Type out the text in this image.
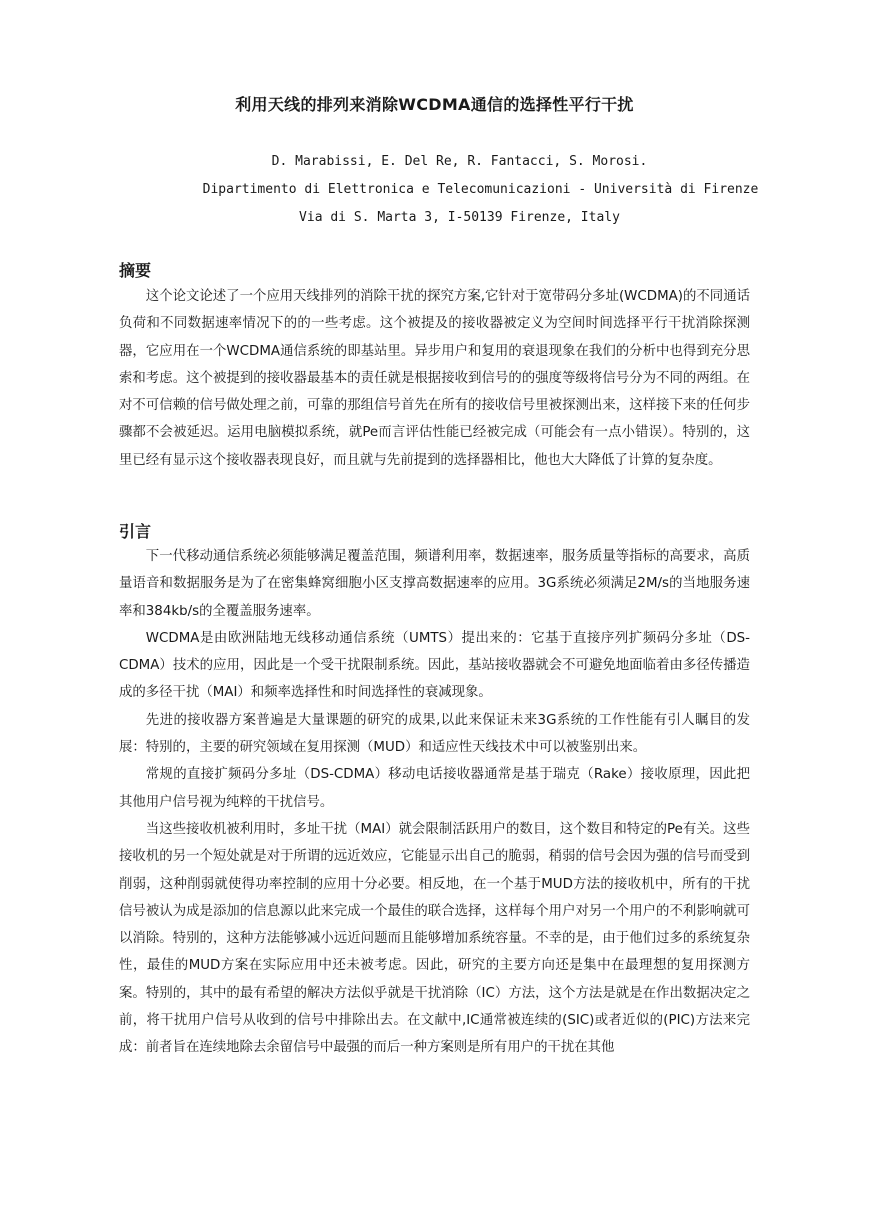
利用天线的排列来消除WCDMA通信的选择性平行干扰
D. Marabissi, E. Del Re, R. Fantacci, S. Morosi.
Dipartimento di Elettronica e Telecomunicazioni - Università di Firenze
Via di S. Marta 3, I-50139 Firenze, Italy
摘要

这个论文论述了一个应用天线排列的消除干扰的探究方案,它针对于宽带码分多址(WCDMA)的不同通话负荷和不同数据速率情况下的的一些考虑。这个被提及的接收器被定义为空间时间选择平行干扰消除探测器，它应用在一个WCDMA通信系统的即基站里。异步用户和复用的衰退现象在我们的分析中也得到充分思索和考虑。这个被提到的接收器最基本的责任就是根据接收到信号的的强度等级将信号分为不同的两组。在对不可信赖的信号做处理之前，可靠的那组信号首先在所有的接收信号里被探测出来，这样接下来的任何步骤都不会被延迟。运用电脑模拟系统，就Pe而言评估性能已经被完成（可能会有一点小错误）。特别的，这里已经有显示这个接收器表现良好，而且就与先前提到的选择器相比，他也大大降低了计算的复杂度。

引言

下一代移动通信系统必须能够满足覆盖范围，频谱利用率，数据速率，服务质量等指标的高要求，高质量语音和数据服务是为了在密集蜂窝细胞小区支撑高数据速率的应用。3G系统必须满足2M/s的当地服务速率和384kb/s的全覆盖服务速率。

WCDMA是由欧洲陆地无线移动通信系统（UMTS）提出来的：它基于直接序列扩频码分多址（DS-CDMA）技术的应用，因此是一个受干扰限制系统。因此，基站接收器就会不可避免地面临着由多径传播造成的多径干扰（MAI）和频率选择性和时间选择性的衰减现象。

先进的接收器方案普遍是大量课题的研究的成果,以此来保证未来3G系统的工作性能有引人瞩目的发展：特别的，主要的研究领域在复用探测（MUD）和适应性天线技术中可以被鉴别出来。

常规的直接扩频码分多址（DS-CDMA）移动电话接收器通常是基于瑞克（Rake）接收原理，因此把其他用户信号视为纯粹的干扰信号。

当这些接收机被利用时，多址干扰（MAI）就会限制活跃用户的数目，这个数目和特定的Pe有关。这些接收机的另一个短处就是对于所谓的远近效应，它能显示出自己的脆弱，稍弱的信号会因为强的信号而受到削弱，这种削弱就使得功率控制的应用十分必要。相反地，在一个基于MUD方法的接收机中，所有的干扰信号被认为成是添加的信息源以此来完成一个最佳的联合选择，这样每个用户对另一个用户的不利影响就可以消除。特别的，这种方法能够减小远近问题而且能够增加系统容量。不幸的是，由于他们过多的系统复杂性，最佳的MUD方案在实际应用中还未被考虑。因此，研究的主要方向还是集中在最理想的复用探测方案。特别的，其中的最有希望的解决方法似乎就是干扰消除（IC）方法，这个方法是就是在作出数据决定之前，将干扰用户信号从收到的信号中排除出去。在文献中,IC通常被连续的(SIC)或者近似的(PIC)方法来完成：前者旨在连续地除去余留信号中最强的而后一种方案则是所有用户的干扰在其他
